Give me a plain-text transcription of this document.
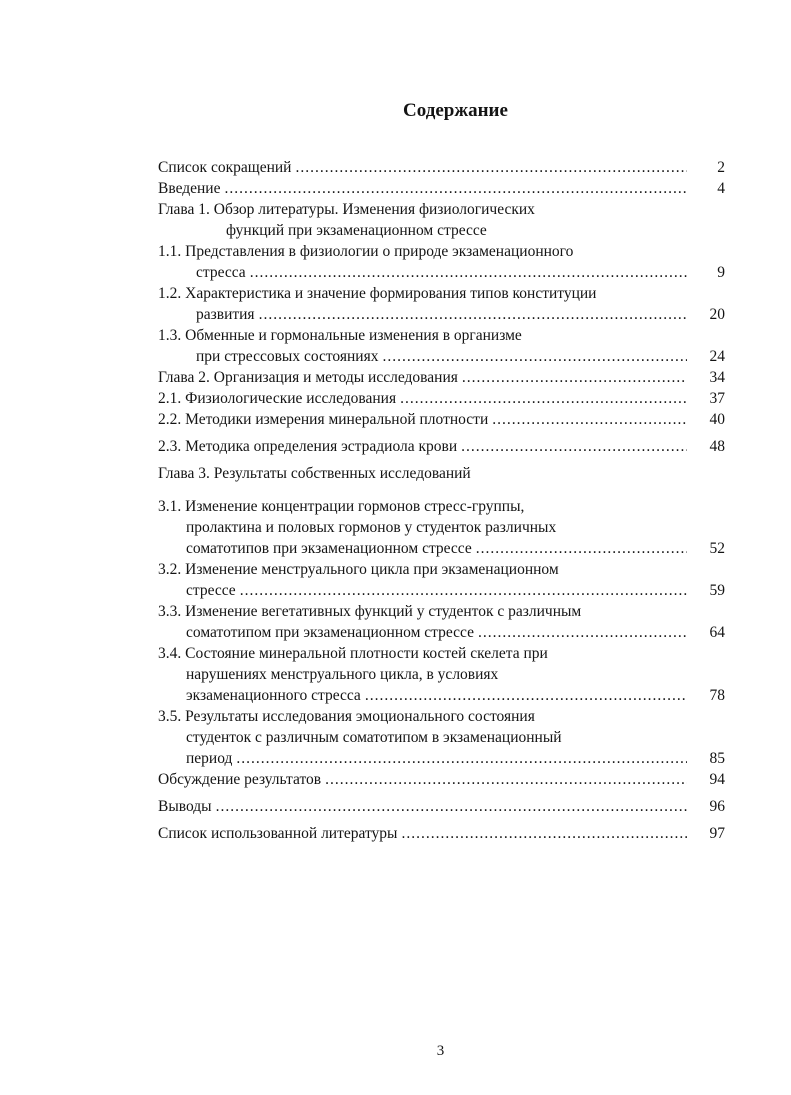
Содержание
Список сокращений .....	2
Введение .....	4
Глава 1. Обзор литературы. Изменения физиологических
функций при экзаменационном стрессе
1.1. Представления в физиологии о природе экзаменационного
стресса .....	9
1.2. Характеристика и значение формирования типов конституции
развития .....	20
1.3. Обменные и гормональные изменения в организме
при стрессовых состояниях .....	24
Глава 2. Организация и методы исследования .....	34
2.1. Физиологические исследования .....	37
2.2. Методики измерения минеральной плотности .....	40
2.3. Методика определения эстрадиола крови .....	48
Глава 3. Результаты собственных исследований
3.1. Изменение концентрации гормонов стресс-группы,
пролактина и половых гормонов у студенток различных
соматотипов при экзаменационном стрессе .....	52
3.2. Изменение менструального цикла при экзаменационном
стрессе .....	59
3.3. Изменение вегетативных функций у студенток с различным
соматотипом при экзаменационном стрессе .....	64
3.4. Состояние минеральной плотности костей скелета при
нарушениях менструального цикла, в условиях
экзаменационного стресса .....	78
3.5. Результаты исследования эмоционального состояния
студенток с различным соматотипом в экзаменационный
период .....	85
Обсуждение результатов .....	94
Выводы .....	96
Список использованной литературы .....	97
3
